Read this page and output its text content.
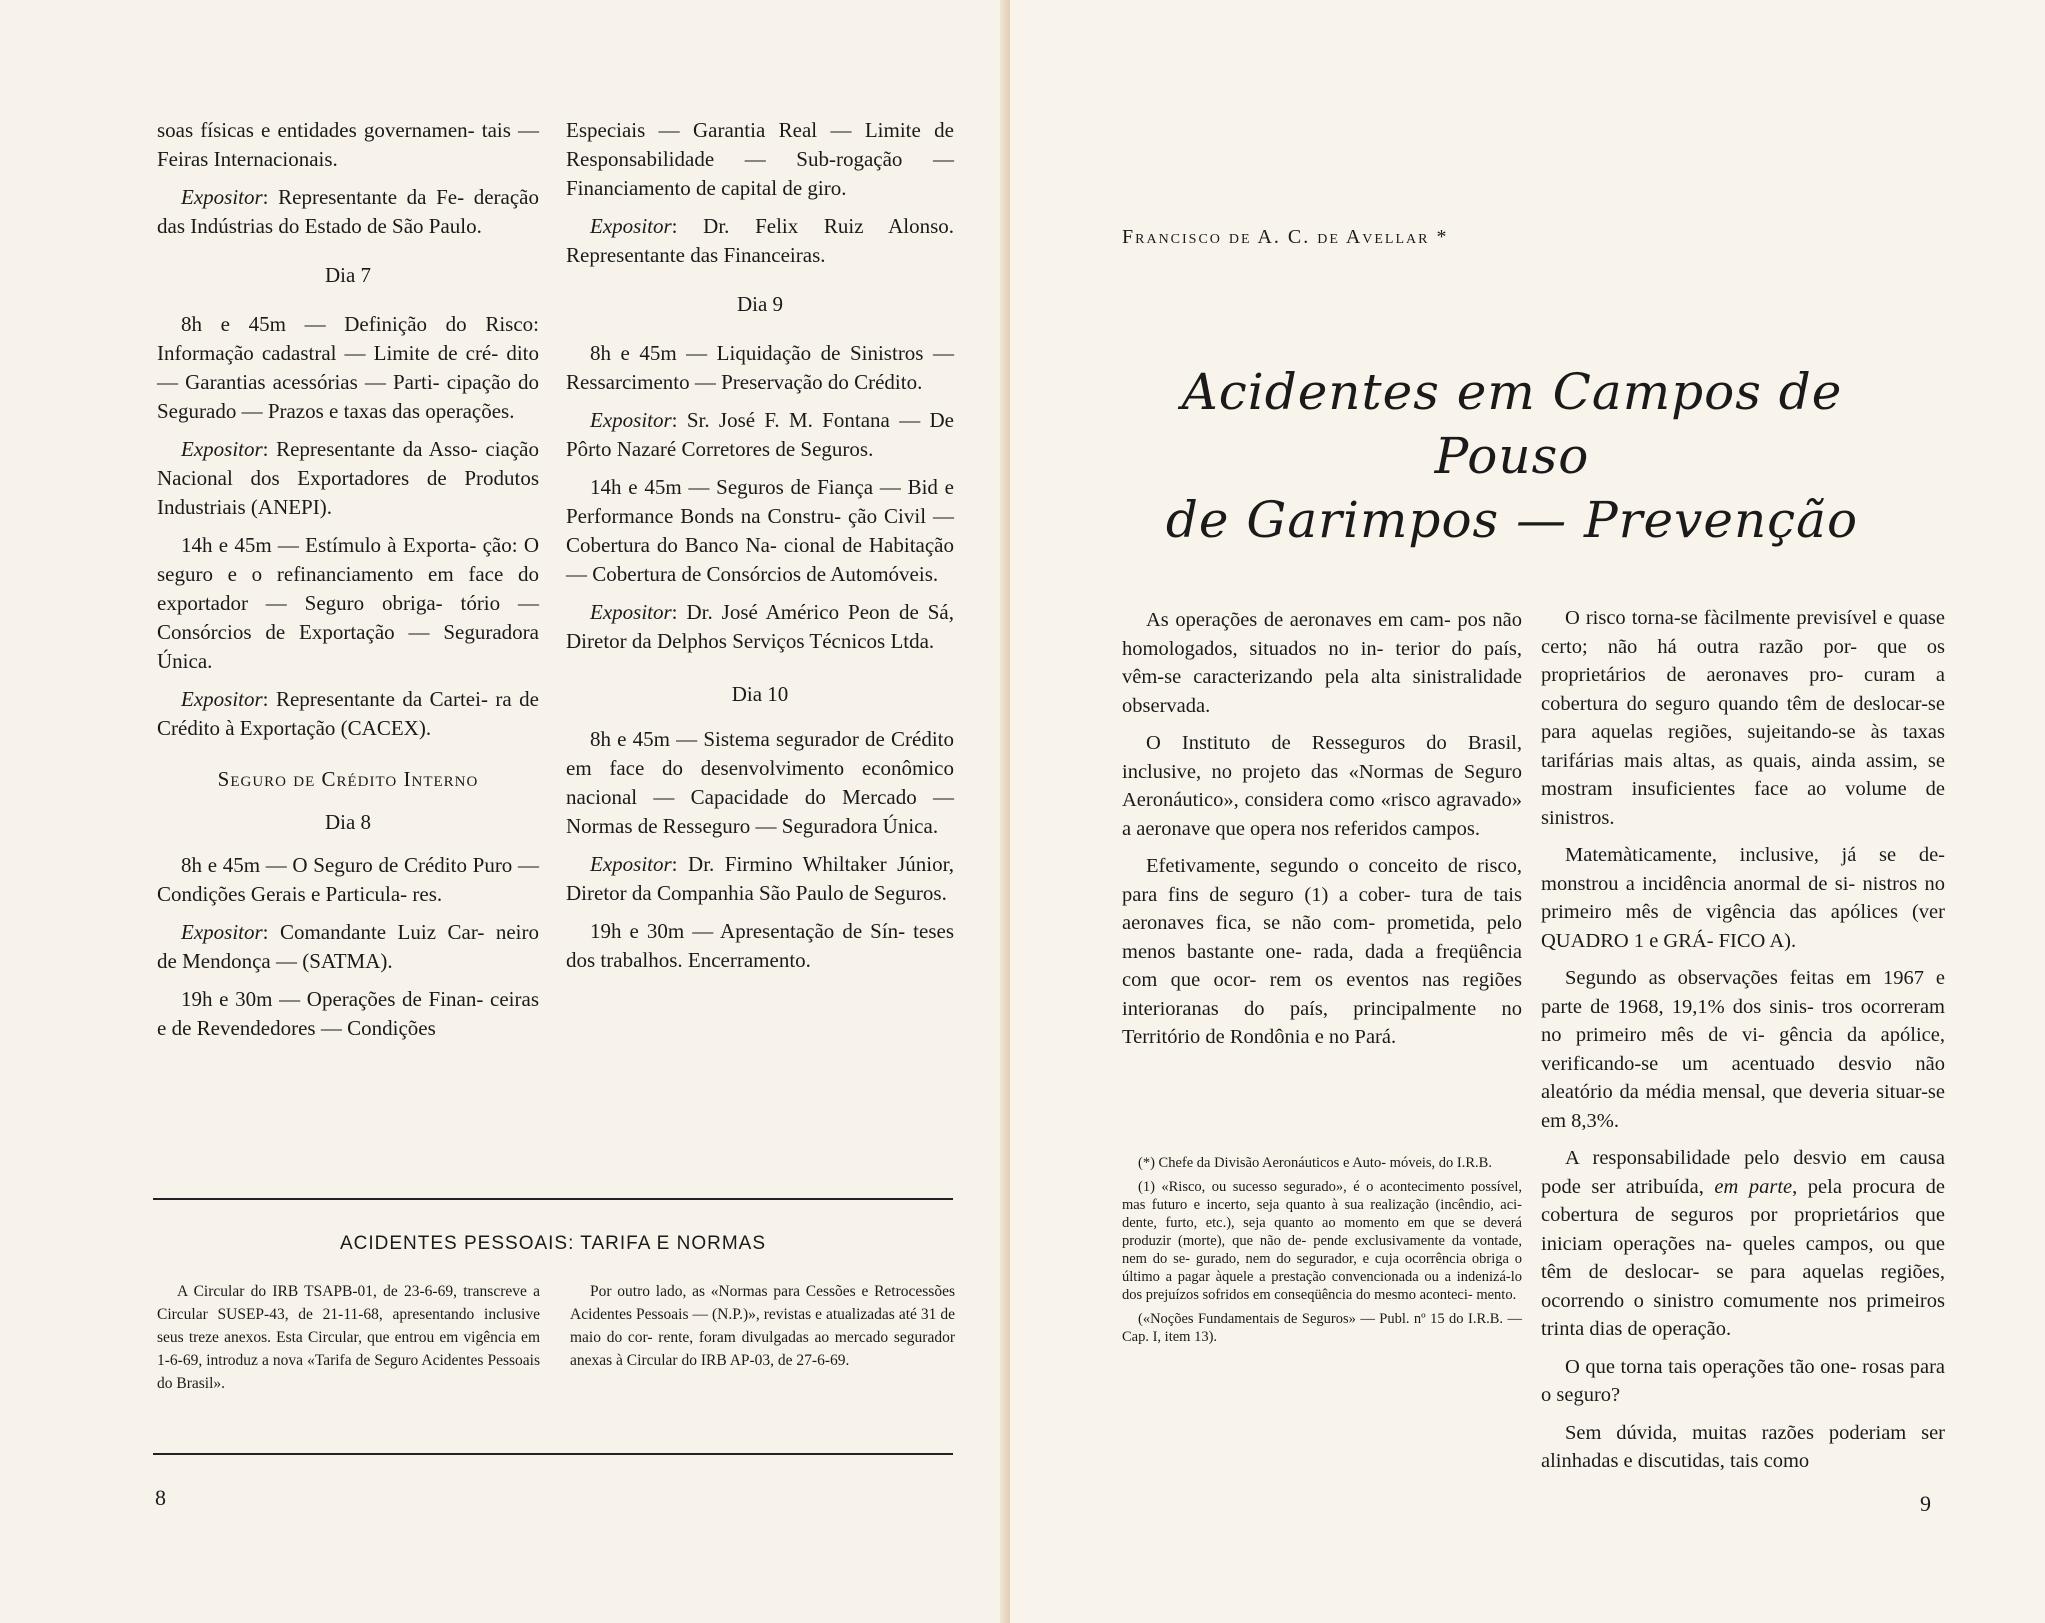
soas físicas e entidades governamen- tais — Feiras Internacionais.

Expositor: Representante da Fe- deração das Indústrias do Estado de São Paulo.

Dia 7

8h e 45m — Definição do Risco: Informação cadastral — Limite de cré- dito — Garantias acessórias — Parti- cipação do Segurado — Prazos e taxas das operações.

Expositor: Representante da Asso- ciação Nacional dos Exportadores de Produtos Industriais (ANEPI).

14h e 45m — Estímulo à Exporta- ção: O seguro e o refinanciamento em face do exportador — Seguro obriga- tório — Consórcios de Exportação — Seguradora Única.

Expositor: Representante da Cartei- ra de Crédito à Exportação (CACEX).

Seguro de Crédito Interno

Dia 8

8h e 45m — O Seguro de Crédito Puro — Condições Gerais e Particula- res.

Expositor: Comandante Luiz Car- neiro de Mendonça — (SATMA).

19h e 30m — Operações de Finan- ceiras e de Revendedores — Condições

Especiais — Garantia Real — Limite de Responsabilidade — Sub-rogação — Financiamento de capital de giro.

Expositor: Dr. Felix Ruiz Alonso. Representante das Financeiras.

Dia 9

8h e 45m — Liquidação de Sinistros — Ressarcimento — Preservação do Crédito.

Expositor: Sr. José F. M. Fontana — De Pôrto Nazaré Corretores de Seguros.

14h e 45m — Seguros de Fiança — Bid e Performance Bonds na Constru- ção Civil — Cobertura do Banco Na- cional de Habitação — Cobertura de Consórcios de Automóveis.

Expositor: Dr. José Américo Peon de Sá, Diretor da Delphos Serviços Técnicos Ltda.

Dia 10

8h e 45m — Sistema segurador de Crédito em face do desenvolvimento econômico nacional — Capacidade do Mercado — Normas de Resseguro — Seguradora Única.

Expositor: Dr. Firmino Whiltaker Júnior, Diretor da Companhia São Paulo de Seguros.

19h e 30m — Apresentação de Sín- teses dos trabalhos. Encerramento.

ACIDENTES PESSOAIS: TARIFA E NORMAS

A Circular do IRB TSAPB-01, de 23-6-69, transcreve a Circular SUSEP-43, de 21-11-68, apresentando inclusive seus treze anexos. Esta Circular, que entrou em vigência em 1-6-69, introduz a nova «Tarifa de Seguro Acidentes Pessoais do Brasil».

Por outro lado, as «Normas para Cessões e Retrocessões Acidentes Pessoais — (N.P.)», revistas e atualizadas até 31 de maio do cor- rente, foram divulgadas ao mercado segurador anexas à Circular do IRB AP-03, de 27-6-69.

8
Francisco de A. C. de Avellar *
Acidentes em Campos de Pouso
de Garimpos — Prevenção

As operações de aeronaves em cam- pos não homologados, situados no in- terior do país, vêm-se caracterizando pela alta sinistralidade observada.

O Instituto de Resseguros do Brasil, inclusive, no projeto das «Normas de Seguro Aeronáutico», considera como «risco agravado» a aeronave que opera nos referidos campos.

Efetivamente, segundo o conceito de risco, para fins de seguro (1) a cober- tura de tais aeronaves fica, se não com- prometida, pelo menos bastante one- rada, dada a freqüência com que ocor- rem os eventos nas regiões interioranas do país, principalmente no Território de Rondônia e no Pará.

(*) Chefe da Divisão Aeronáuticos e Auto- móveis, do I.R.B.

(1) «Risco, ou sucesso segurado», é o acontecimento possível, mas futuro e incerto, seja quanto à sua realização (incêndio, aci- dente, furto, etc.), seja quanto ao momento em que se deverá produzir (morte), que não de- pende exclusivamente da vontade, nem do se- gurado, nem do segurador, e cuja ocorrência obriga o último a pagar àquele a prestação convencionada ou a indenizá-lo dos prejuízos sofridos em conseqüência do mesmo aconteci- mento.

(«Noções Fundamentais de Seguros» — Publ. nº 15 do I.R.B. — Cap. I, item 13).

O risco torna-se fàcilmente previsível e quase certo; não há outra razão por- que os proprietários de aeronaves pro- curam a cobertura do seguro quando têm de deslocar-se para aquelas regiões, sujeitando-se às taxas tarifárias mais altas, as quais, ainda assim, se mostram insuficientes face ao volume de sinistros.

Matemàticamente, inclusive, já se de- monstrou a incidência anormal de si- nistros no primeiro mês de vigência das apólices (ver QUADRO 1 e GRÁ- FICO A).

Segundo as observações feitas em 1967 e parte de 1968, 19,1% dos sinis- tros ocorreram no primeiro mês de vi- gência da apólice, verificando-se um acentuado desvio não aleatório da média mensal, que deveria situar-se em 8,3%.

A responsabilidade pelo desvio em causa pode ser atribuída, em parte, pela procura de cobertura de seguros por proprietários que iniciam operações na- queles campos, ou que têm de deslocar- se para aquelas regiões, ocorrendo o sinistro comumente nos primeiros trinta dias de operação.

O que torna tais operações tão one- rosas para o seguro?

Sem dúvida, muitas razões poderiam ser alinhadas e discutidas, tais como

9
